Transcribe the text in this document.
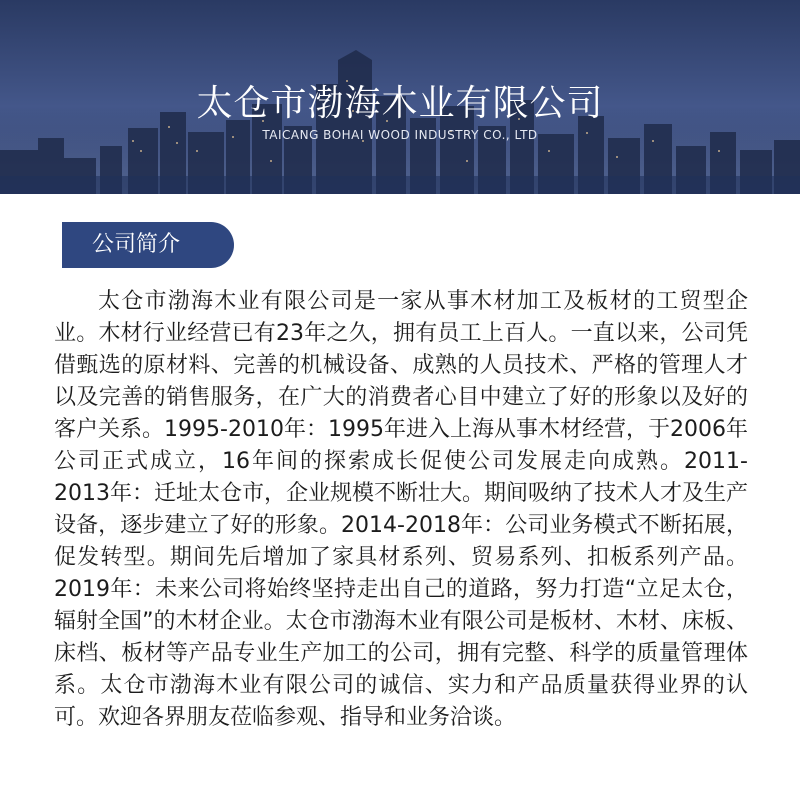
太仓市渤海木业有限公司
TAICANG BOHAI WOOD INDUSTRY CO., LTD
公司简介

太仓市渤海木业有限公司是一家从事木材加工及板材的工贸型企业。木材行业经营已有23年之久，拥有员工上百人。一直以来，公司凭借甄选的原材料、完善的机械设备、成熟的人员技术、严格的管理人才以及完善的销售服务，在广大的消费者心目中建立了好的形象以及好的客户关系。1995-2010年：1995年进入上海从事木材经营，于2006年公司正式成立，16年间的探索成长促使公司发展走向成熟。2011-2013年：迁址太仓市，企业规模不断壮大。期间吸纳了技术人才及生产设备，逐步建立了好的形象。2014-2018年：公司业务模式不断拓展，促发转型。期间先后增加了家具材系列、贸易系列、扣板系列产品。2019年：未来公司将始终坚持走出自己的道路，努力打造“立足太仓，辐射全国”的木材企业。太仓市渤海木业有限公司是板材、木材、床板、床档、板材等产品专业生产加工的公司，拥有完整、科学的质量管理体系。太仓市渤海木业有限公司的诚信、实力和产品质量获得业界的认可。欢迎各界朋友莅临参观、指导和业务洽谈。
